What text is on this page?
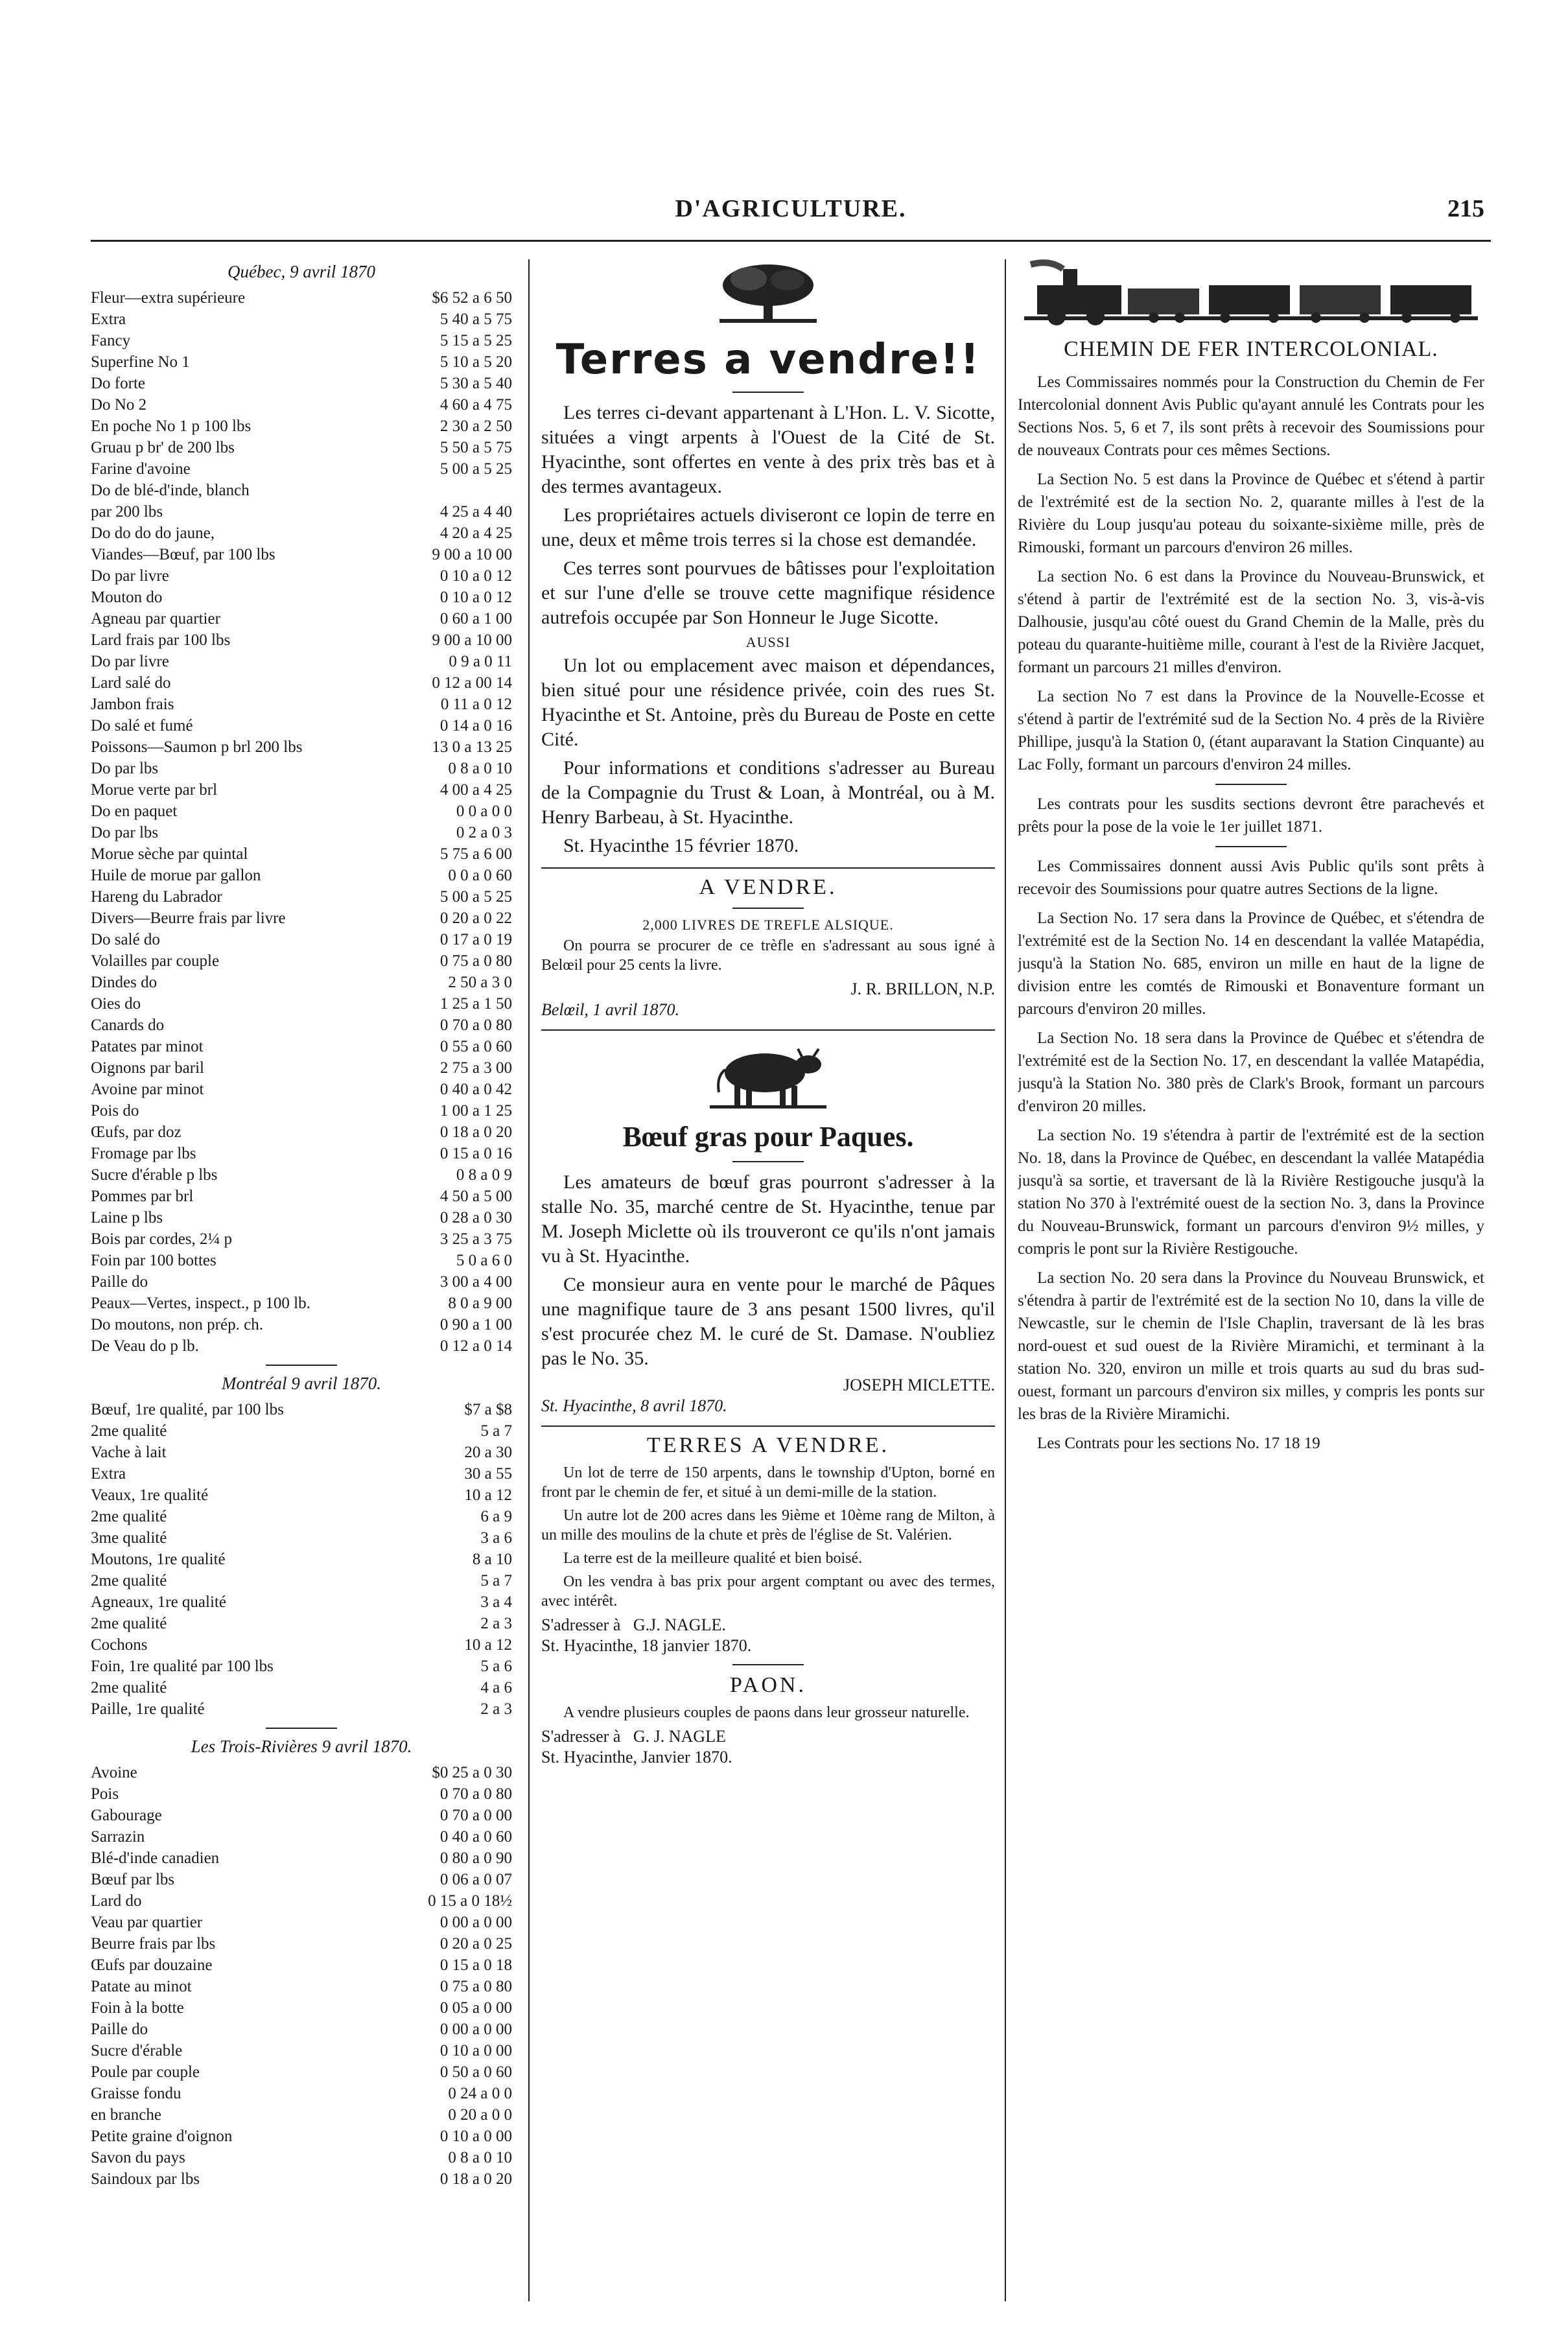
D'AGRICULTURE.	215
Québec, 9 avril 1870
Fleur—extra supérieure	$6 52 a 6 50
Extra	5 40 a 5 75
Fancy	5 15 a 5 25
Superfine No 1	5 10 a 5 20
Do forte	5 30 a 5 40
Do No 2	4 60 a 4 75
En poche No 1 p 100 lbs	2 30 a 2 50
Gruau p br' de 200 lbs	5 50 a 5 75
Farine d'avoine	5 00 a 5 25
Do de blé-d'inde, blanch
par 200 lbs	4 25 a 4 40
Do do do do jaune,	4 20 a 4 25
Viandes—Bœuf, par 100 lbs	9 00 a 10 00
Do par livre	0 10 a 0 12
Mouton do	0 10 a 0 12
Agneau par quartier	0 60 a 1 00
Lard frais par 100 lbs	9 00 a 10 00
Do par livre	0 9 a 0 11
Lard salé do	0 12 a 00 14
Jambon frais	0 11 a 0 12
Do salé et fumé	0 14 a 0 16
Poissons—Saumon p brl 200 lbs	13 0 a 13 25
Do par lbs	0 8 a 0 10
Morue verte par brl	4 00 a 4 25
Do en paquet	0 0 a 0 0
Do par lbs	0 2 a 0 3
Morue sèche par quintal	5 75 a 6 00
Huile de morue par gallon	0 0 a 0 60
Hareng du Labrador	5 00 a 5 25
Divers—Beurre frais par livre	0 20 a 0 22
Do salé do	0 17 a 0 19
Volailles par couple	0 75 a 0 80
Dindes do	2 50 a 3 0
Oies do	1 25 a 1 50
Canards do	0 70 a 0 80
Patates par minot	0 55 a 0 60
Oignons par baril	2 75 a 3 00
Avoine par minot	0 40 a 0 42
Pois do	1 00 a 1 25
Œufs, par doz	0 18 a 0 20
Fromage par lbs	0 15 a 0 16
Sucre d'érable p lbs	0 8 a 0 9
Pommes par brl	4 50 a 5 00
Laine p lbs	0 28 a 0 30
Bois par cordes, 2¼ p	3 25 a 3 75
Foin par 100 bottes	5 0 a 6 0
Paille do	3 00 a 4 00
Peaux—Vertes, inspect., p 100 lb.	8 0 a 9 00
Do moutons, non prép. ch.	0 90 a 1 00
De Veau do p lb.	0 12 a 0 14
Montréal 9 avril 1870.
Bœuf, 1re qualité, par 100 lbs	$7 a $8
2me qualité	5 a 7
Vache à lait	20 a 30
Extra	30 a 55
Veaux, 1re qualité	10 a 12
2me qualité	6 a 9
3me qualité	3 a 6
Moutons, 1re qualité	8 a 10
2me qualité	5 a 7
Agneaux, 1re qualité	3 a 4
2me qualité	2 a 3
Cochons	10 a 12
Foin, 1re qualité par 100 lbs	5 a 6
2me qualité	4 a 6
Paille, 1re qualité	2 a 3
Les Trois-Rivières 9 avril 1870.
Avoine	$0 25 a 0 30
Pois	0 70 a 0 80
Gabourage	0 70 a 0 00
Sarrazin	0 40 a 0 60
Blé-d'inde canadien	0 80 a 0 90
Bœuf par lbs	0 06 a 0 07
Lard do	0 15 a 0 18½
Veau par quartier	0 00 a 0 00
Beurre frais par lbs	0 20 a 0 25
Œufs par douzaine	0 15 a 0 18
Patate au minot	0 75 a 0 80
Foin à la botte	0 05 a 0 00
Paille do	0 00 a 0 00
Sucre d'érable	0 10 a 0 00
Poule par couple	0 50 a 0 60
Graisse fondu	0 24 a 0 0
en branche	0 20 a 0 0
Petite graine d'oignon	0 10 a 0 00
Savon du pays	0 8 a 0 10
Saindoux par lbs	0 18 a 0 20
Terres a vendre!!

Les terres ci-devant appartenant à L'Hon. L. V. Sicotte, situées a vingt arpents à l'Ouest de la Cité de St. Hyacinthe, sont offertes en vente à des prix très bas et à des termes avantageux.

Les propriétaires actuels diviseront ce lopin de terre en une, deux et même trois terres si la chose est demandée.

Ces terres sont pourvues de bâtisses pour l'exploitation et sur l'une d'elle se trouve cette magnifique résidence autrefois occupée par Son Honneur le Juge Sicotte.

AUSSI

Un lot ou emplacement avec maison et dépendances, bien situé pour une résidence privée, coin des rues St. Hyacinthe et St. Antoine, près du Bureau de Poste en cette Cité.

Pour informations et conditions s'adresser au Bureau de la Compagnie du Trust & Loan, à Montréal, ou à M. Henry Barbeau, à St. Hyacinthe.

St. Hyacinthe 15 février 1870.

A VENDRE.
2,000 LIVRES DE TREFLE ALSIQUE.

On pourra se procurer de ce trèfle en s'adressant au sous igné à Belœil pour 25 cents la livre.

J. R. BRILLON, N.P.
Belœil, 1 avril 1870.
Bœuf gras pour Paques.

Les amateurs de bœuf gras pourront s'adresser à la stalle No. 35, marché centre de St. Hyacinthe, tenue par M. Joseph Miclette où ils trouveront ce qu'ils n'ont jamais vu à St. Hyacinthe.

Ce monsieur aura en vente pour le marché de Pâques une magnifique taure de 3 ans pesant 1500 livres, qu'il s'est procurée chez M. le curé de St. Damase. N'oubliez pas le No. 35.

JOSEPH MICLETTE.
St. Hyacinthe, 8 avril 1870.
TERRES A VENDRE.

Un lot de terre de 150 arpents, dans le township d'Upton, borné en front par le chemin de fer, et situé à un demi-mille de la station.

Un autre lot de 200 acres dans les 9ième et 10ème rang de Milton, à un mille des moulins de la chute et près de l'église de St. Valérien.

La terre est de la meilleure qualité et bien boisé.

On les vendra à bas prix pour argent comptant ou avec des termes, avec intérêt.

S'adresser à G.J. NAGLE.
St. Hyacinthe, 18 janvier 1870.
PAON.

A vendre plusieurs couples de paons dans leur grosseur naturelle.

S'adresser à G. J. NAGLE
St. Hyacinthe, Janvier 1870.
CHEMIN DE FER INTERCOLONIAL.

Les Commissaires nommés pour la Construction du Chemin de Fer Intercolonial donnent Avis Public qu'ayant annulé les Contrats pour les Sections Nos. 5, 6 et 7, ils sont prêts à recevoir des Soumissions pour de nouveaux Contrats pour ces mêmes Sections.

La Section No. 5 est dans la Province de Québec et s'étend à partir de l'extrémité est de la section No. 2, quarante milles à l'est de la Rivière du Loup jusqu'au poteau du soixante-sixième mille, près de Rimouski, formant un parcours d'environ 26 milles.

La section No. 6 est dans la Province du Nouveau-Brunswick, et s'étend à partir de l'extrémité est de la section No. 3, vis-à-vis Dalhousie, jusqu'au côté ouest du Grand Chemin de la Malle, près du poteau du quarante-huitième mille, courant à l'est de la Rivière Jacquet, formant un parcours 21 milles d'environ.

La section No 7 est dans la Province de la Nouvelle-Ecosse et s'étend à partir de l'extrémité sud de la Section No. 4 près de la Rivière Phillipe, jusqu'à la Station 0, (étant auparavant la Station Cinquante) au Lac Folly, formant un parcours d'environ 24 milles.

Les contrats pour les susdits sections devront être parachevés et prêts pour la pose de la voie le 1er juillet 1871.

Les Commissaires donnent aussi Avis Public qu'ils sont prêts à recevoir des Soumissions pour quatre autres Sections de la ligne.

La Section No. 17 sera dans la Province de Québec, et s'étendra de l'extrémité est de la Section No. 14 en descendant la vallée Matapédia, jusqu'à la Station No. 685, environ un mille en haut de la ligne de division entre les comtés de Rimouski et Bonaventure formant un parcours d'environ 20 milles.

La Section No. 18 sera dans la Province de Québec et s'étendra de l'extrémité est de la Section No. 17, en descendant la vallée Matapédia, jusqu'à la Station No. 380 près de Clark's Brook, formant un parcours d'environ 20 milles.

La section No. 19 s'étendra à partir de l'extrémité est de la section No. 18, dans la Province de Québec, en descendant la vallée Matapédia jusqu'à sa sortie, et traversant de là la Rivière Restigouche jusqu'à la station No 370 à l'extrémité ouest de la section No. 3, dans la Province du Nouveau-Brunswick, formant un parcours d'environ 9½ milles, y compris le pont sur la Rivière Restigouche.

La section No. 20 sera dans la Province du Nouveau Brunswick, et s'étendra à partir de l'extrémité est de la section No 10, dans la ville de Newcastle, sur le chemin de l'Isle Chaplin, traversant de là les bras nord-ouest et sud ouest de la Rivière Miramichi, et terminant à la station No. 320, environ un mille et trois quarts au sud du bras sud-ouest, formant un parcours d'environ six milles, y compris les ponts sur les bras de la Rivière Miramichi.

Les Contrats pour les sections No. 17 18 19
